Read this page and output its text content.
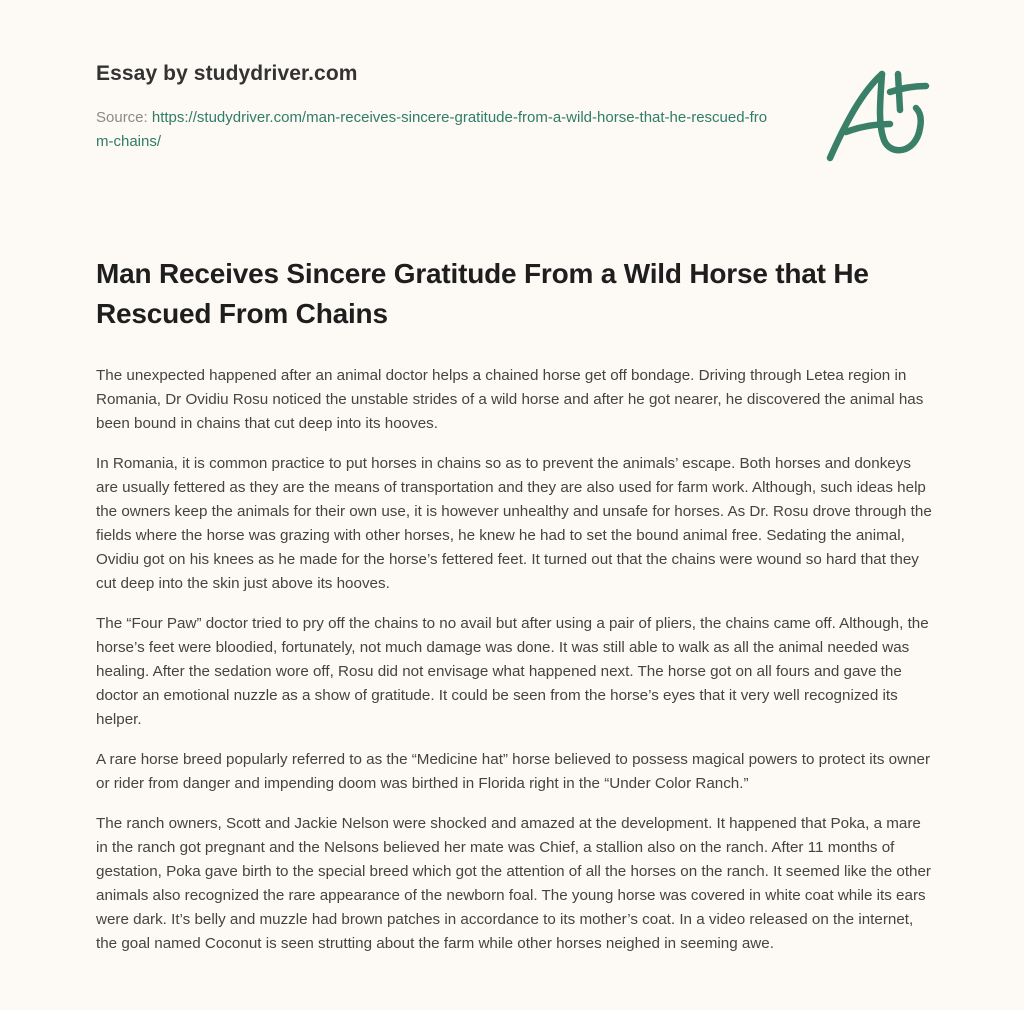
Essay by studydriver.com
Source: https://studydriver.com/man-receives-sincere-gratitude-from-a-wild-horse-that-he-rescued-from-chains/
Man Receives Sincere Gratitude From a Wild Horse that He Rescued From Chains

The unexpected happened after an animal doctor helps a chained horse get off bondage. Driving through Letea region in Romania, Dr Ovidiu Rosu noticed the unstable strides of a wild horse and after he got nearer, he discovered the animal has been bound in chains that cut deep into its hooves.

In Romania, it is common practice to put horses in chains so as to prevent the animals’ escape. Both horses and donkeys are usually fettered as they are the means of transportation and they are also used for farm work. Although, such ideas help the owners keep the animals for their own use, it is however unhealthy and unsafe for horses. As Dr. Rosu drove through the fields where the horse was grazing with other horses, he knew he had to set the bound animal free. Sedating the animal, Ovidiu got on his knees as he made for the horse’s fettered feet. It turned out that the chains were wound so hard that they cut deep into the skin just above its hooves.

The “Four Paw” doctor tried to pry off the chains to no avail but after using a pair of pliers, the chains came off. Although, the horse’s feet were bloodied, fortunately, not much damage was done. It was still able to walk as all the animal needed was healing. After the sedation wore off, Rosu did not envisage what happened next. The horse got on all fours and gave the doctor an emotional nuzzle as a show of gratitude. It could be seen from the horse’s eyes that it very well recognized its helper.

A rare horse breed popularly referred to as the “Medicine hat” horse believed to possess magical powers to protect its owner or rider from danger and impending doom was birthed in Florida right in the “Under Color Ranch.”

The ranch owners, Scott and Jackie Nelson were shocked and amazed at the development. It happened that Poka, a mare in the ranch got pregnant and the Nelsons believed her mate was Chief, a stallion also on the ranch. After 11 months of gestation, Poka gave birth to the special breed which got the attention of all the horses on the ranch. It seemed like the other animals also recognized the rare appearance of the newborn foal. The young horse was covered in white coat while its ears were dark. It’s belly and muzzle had brown patches in accordance to its mother’s coat. In a video released on the internet, the goal named Coconut is seen strutting about the farm while other horses neighed in seeming awe.
